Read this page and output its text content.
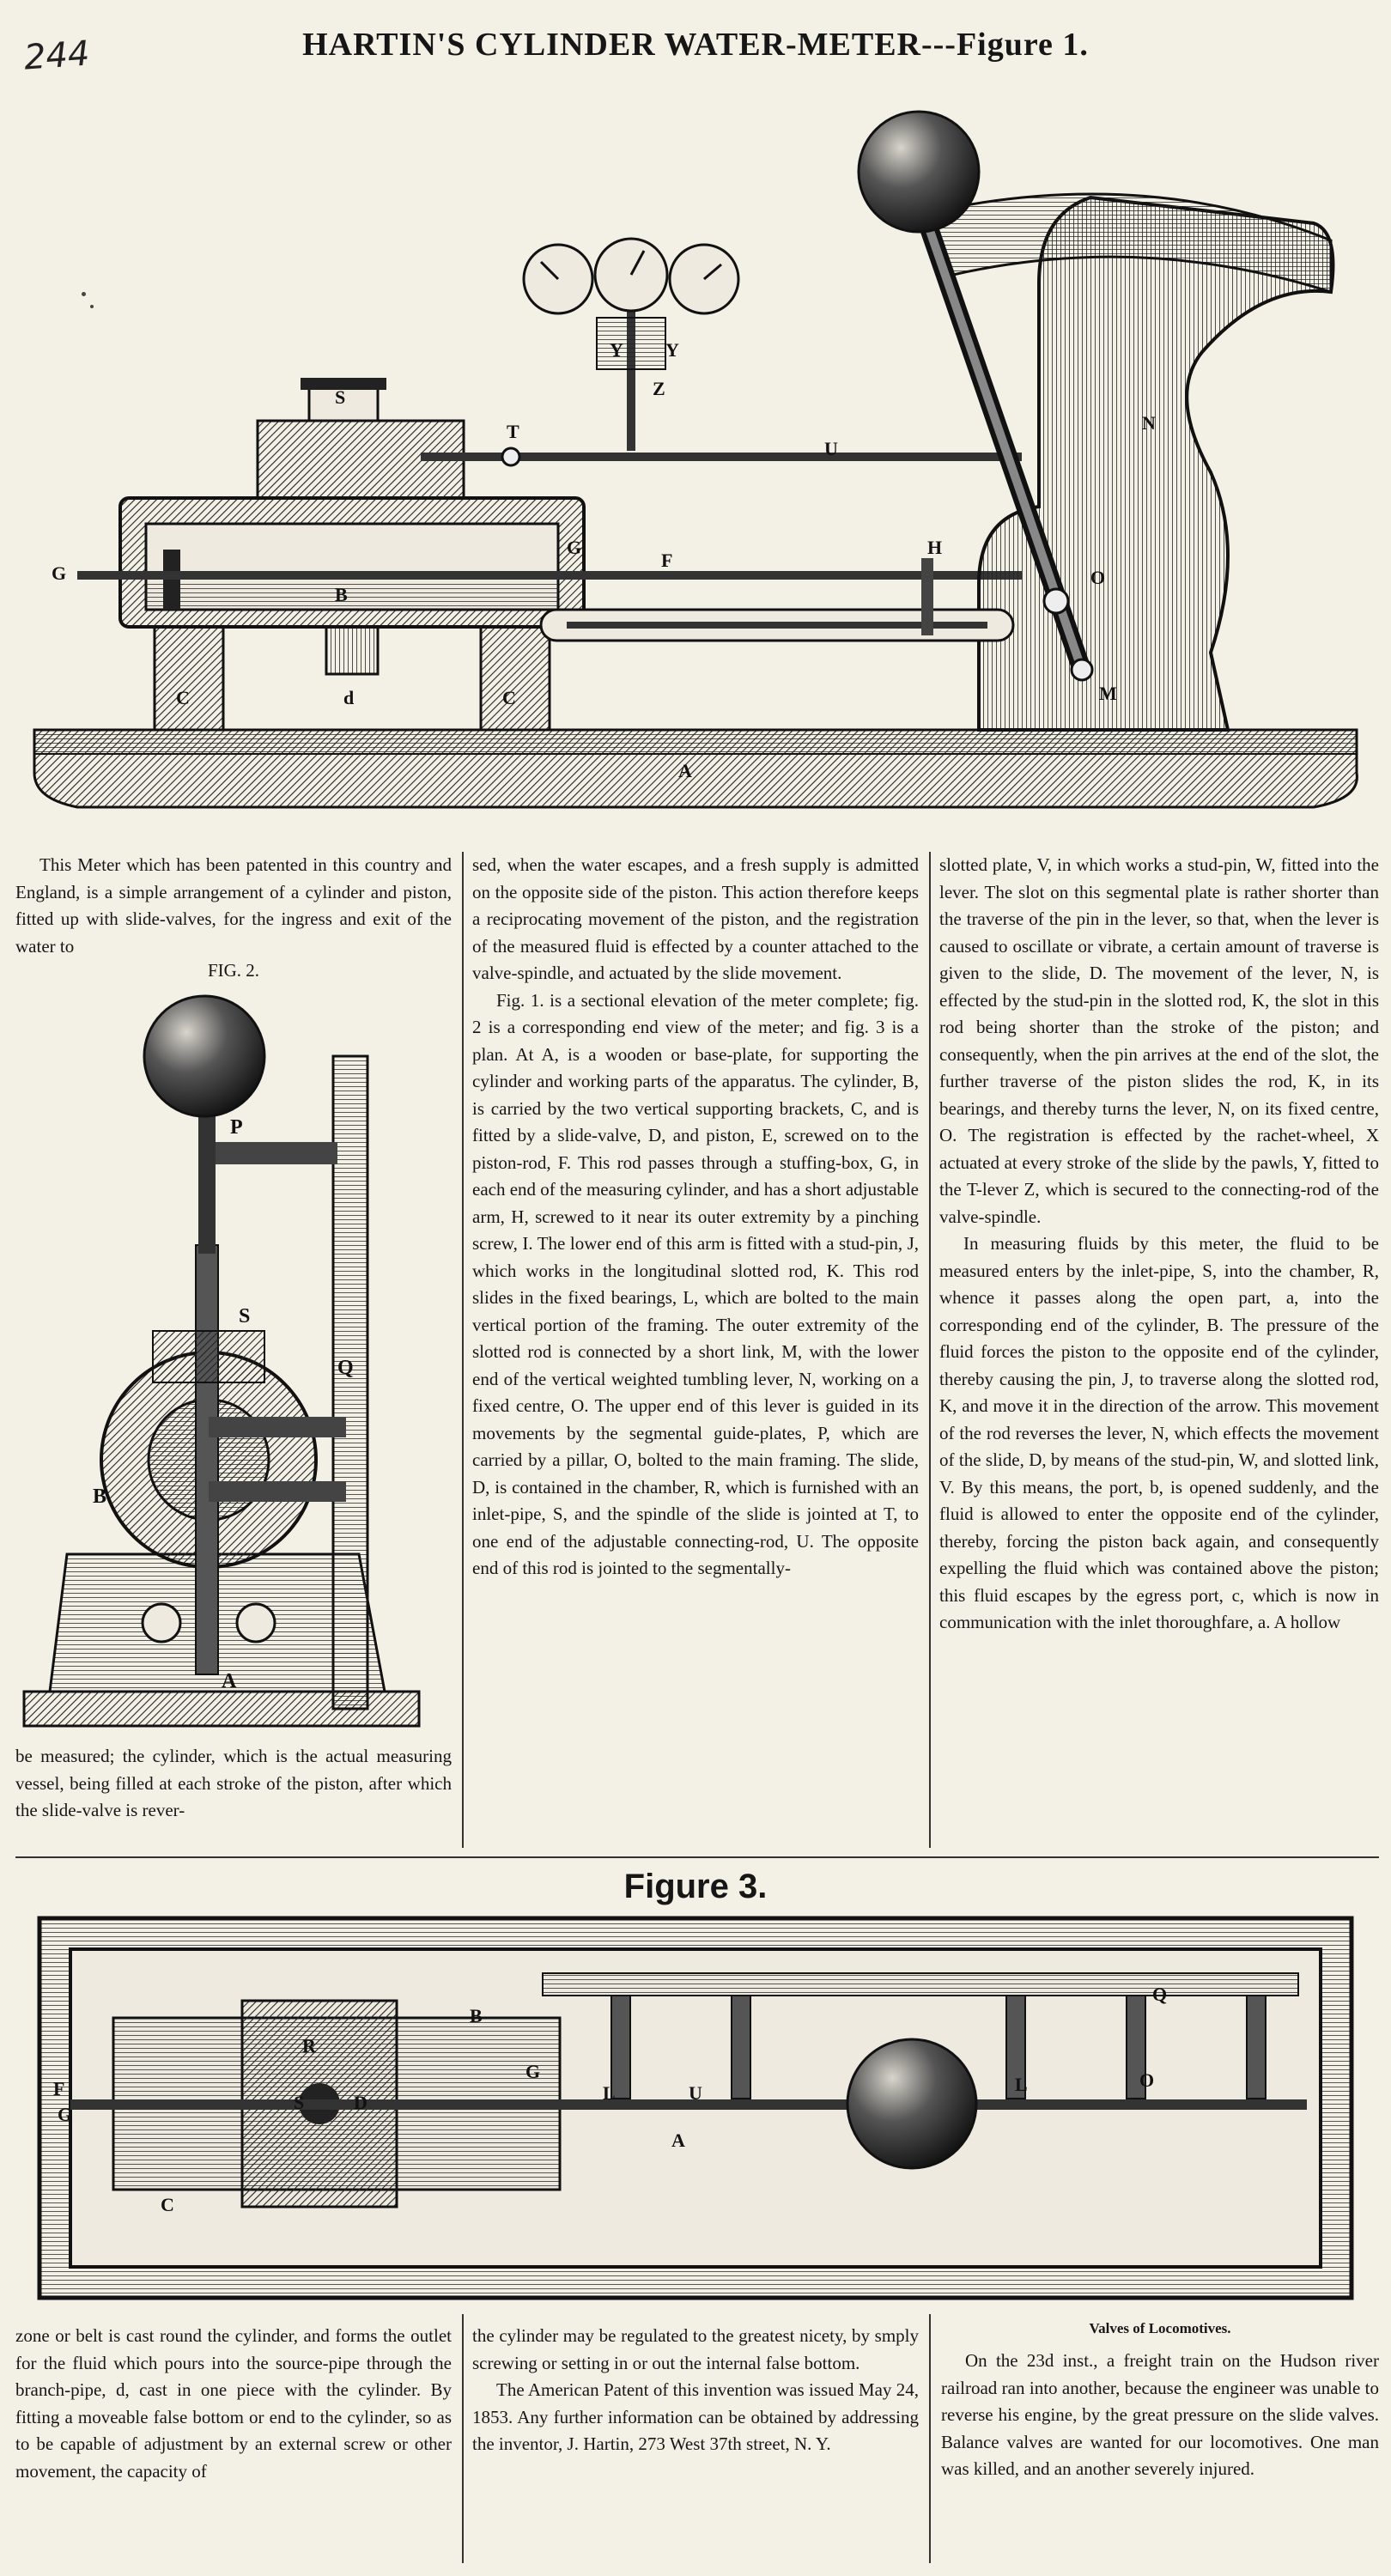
244	HARTIN'S CYLINDER WATER-METER---Figure 1.
A
B
C	C
d
S
T
U
G
G
F
H
O
M
N
Z
Y Y

This Meter which has been patented in this country and England, is a simple arrangement of a cylinder and piston, fitted up with slide-valves, for the ingress and exit of the water to

FIG. 2.
P
S
B
Q
A

be measured; the cylinder, which is the actual measuring vessel, being filled at each stroke of the piston, after which the slide-valve is rever-

sed, when the water escapes, and a fresh supply is admitted on the opposite side of the piston. This action therefore keeps a reciprocating movement of the piston, and the registration of the measured fluid is effected by a counter attached to the valve-spindle, and actuated by the slide movement.

Fig. 1. is a sectional elevation of the meter complete; fig. 2 is a corresponding end view of the meter; and fig. 3 is a plan. At A, is a wooden or base-plate, for supporting the cylinder and working parts of the apparatus. The cylinder, B, is carried by the two vertical supporting brackets, C, and is fitted by a slide-valve, D, and piston, E, screwed on to the piston-rod, F. This rod passes through a stuffing-box, G, in each end of the measuring cylinder, and has a short adjustable arm, H, screwed to it near its outer extremity by a pinching screw, I. The lower end of this arm is fitted with a stud-pin, J, which works in the longitudinal slotted rod, K. This rod slides in the fixed bearings, L, which are bolted to the main vertical portion of the framing. The outer extremity of the slotted rod is connected by a short link, M, with the lower end of the vertical weighted tumbling lever, N, working on a fixed centre, O. The upper end of this lever is guided in its movements by the segmental guide-plates, P, which are carried by a pillar, O, bolted to the main framing. The slide, D, is contained in the chamber, R, which is furnished with an inlet-pipe, S, and the spindle of the slide is jointed at T, to one end of the adjustable connecting-rod, U. The opposite end of this rod is jointed to the segmentally-

slotted plate, V, in which works a stud-pin, W, fitted into the lever. The slot on this segmental plate is rather shorter than the traverse of the pin in the lever, so that, when the lever is caused to oscillate or vibrate, a certain amount of traverse is given to the slide, D. The movement of the lever, N, is effected by the stud-pin in the slotted rod, K, the slot in this rod being shorter than the stroke of the piston; and consequently, when the pin arrives at the end of the slot, the further traverse of the piston slides the rod, K, in its bearings, and thereby turns the lever, N, on its fixed centre, O. The registration is effected by the rachet-wheel, X actuated at every stroke of the slide by the pawls, Y, fitted to the T-lever Z, which is secured to the connecting-rod of the valve-spindle.

In measuring fluids by this meter, the fluid to be measured enters by the inlet-pipe, S, into the chamber, R, whence it passes along the open part, a, into the corresponding end of the cylinder, B. The pressure of the fluid forces the piston to the opposite end of the cylinder, thereby causing the pin, J, to traverse along the slotted rod, K, and move it in the direction of the arrow. This movement of the rod reverses the lever, N, which effects the movement of the slide, D, by means of the stud-pin, W, and slotted link, V. By this means, the port, b, is opened suddenly, and the fluid is allowed to enter the opposite end of the cylinder, thereby, forcing the piston back again, and consequently expelling the fluid which was contained above the piston; this fluid escapes by the egress port, c, which is now in communication with the inlet thoroughfare, a. A hollow

Figure 3.
F
G
C
B
R
S	D
G
L	U
A
L	O
Q

zone or belt is cast round the cylinder, and forms the outlet for the fluid which pours into the source-pipe through the branch-pipe, d, cast in one piece with the cylinder. By fitting a moveable false bottom or end to the cylinder, so as to be capable of adjustment by an external screw or other movement, the capacity of

the cylinder may be regulated to the greatest nicety, by smply screwing or setting in or out the internal false bottom.

The American Patent of this invention was issued May 24, 1853. Any further information can be obtained by addressing the inventor, J. Hartin, 273 West 37th street, N. Y.

Valves of Locomotives.

On the 23d inst., a freight train on the Hudson river railroad ran into another, because the engineer was unable to reverse his engine, by the great pressure on the slide valves. Balance valves are wanted for our locomotives. One man was killed, and an another severely injured.
